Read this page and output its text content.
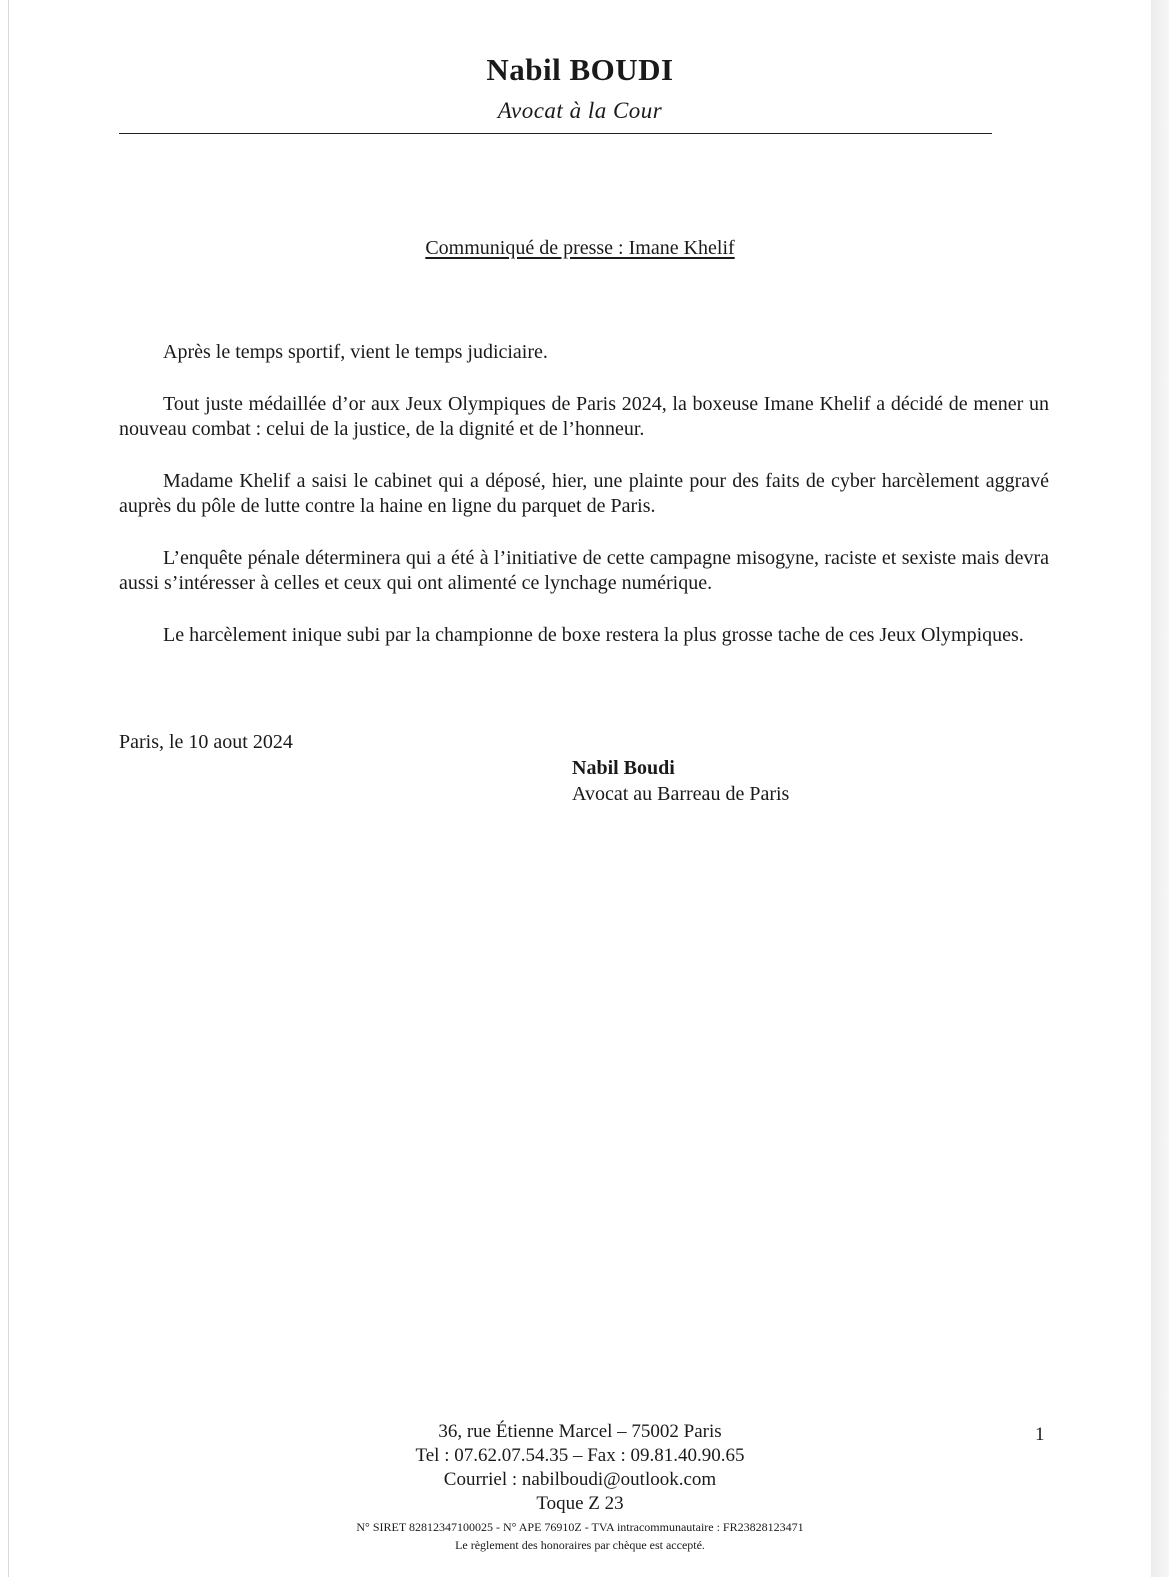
Nabil BOUDI
Avocat à la Cour
Communiqué de presse : Imane Khelif

Après le temps sportif, vient le temps judiciaire.

Tout juste médaillée d’or aux Jeux Olympiques de Paris 2024, la boxeuse Imane Khelif a décidé de mener un nouveau combat : celui de la justice, de la dignité et de l’honneur.

Madame Khelif a saisi le cabinet qui a déposé, hier, une plainte pour des faits de cyber harcèlement aggravé auprès du pôle de lutte contre la haine en ligne du parquet de Paris.

L’enquête pénale déterminera qui a été à l’initiative de cette campagne misogyne, raciste et sexiste mais devra aussi s’intéresser à celles et ceux qui ont alimenté ce lynchage numérique.

Le harcèlement inique subi par la championne de boxe restera la plus grosse tache de ces Jeux Olympiques.

Paris, le 10 aout 2024
Nabil Boudi
Avocat au Barreau de Paris
36, rue Étienne Marcel – 75002 Paris
Tel : 07.62.07.54.35 – Fax : 09.81.40.90.65
Courriel : nabilboudi@outlook.com
Toque Z 23
N° SIRET 82812347100025 - N° APE 76910Z - TVA intracommunautaire : FR23828123471
Le règlement des honoraires par chèque est accepté.
1
